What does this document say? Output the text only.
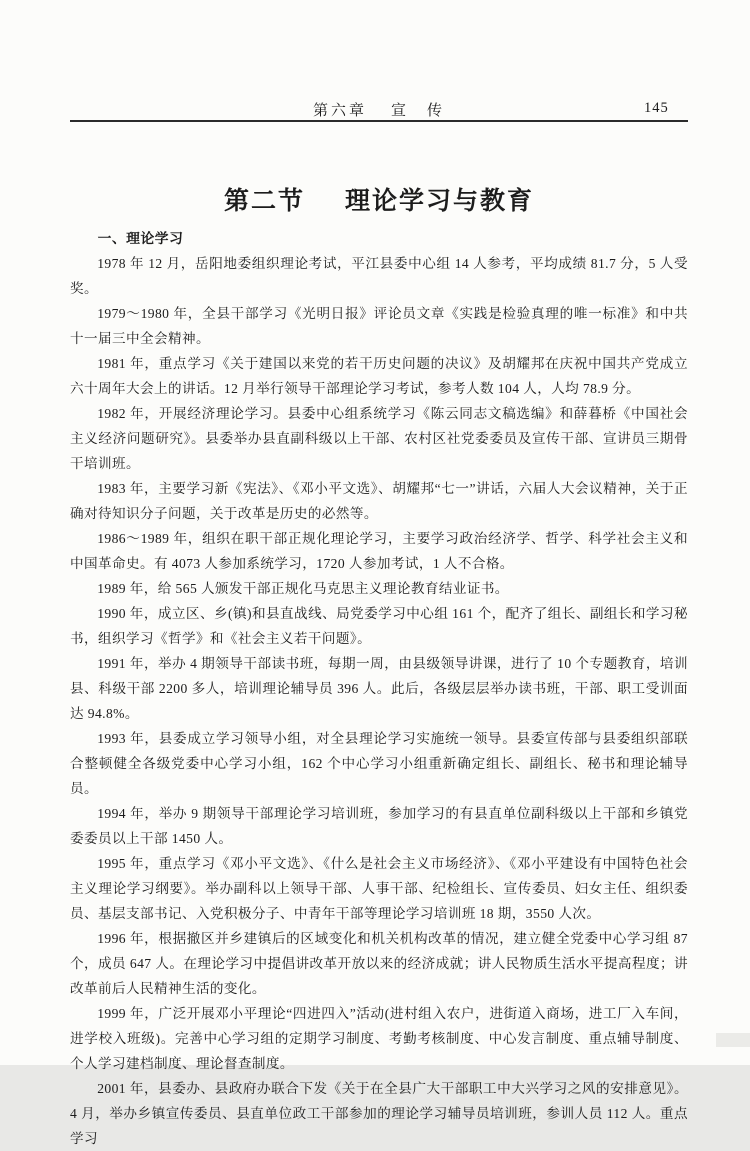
第六章 宣　传	145
第二节 理论学习与教育
一、理论学习

1978 年 12 月，岳阳地委组织理论考试，平江县委中心组 14 人参考，平均成绩 81.7 分，5 人受奖。

1979～1980 年，全县干部学习《光明日报》评论员文章《实践是检验真理的唯一标准》和中共十一届三中全会精神。

1981 年，重点学习《关于建国以来党的若干历史问题的决议》及胡耀邦在庆祝中国共产党成立六十周年大会上的讲话。12 月举行领导干部理论学习考试，参考人数 104 人，人均 78.9 分。

1982 年，开展经济理论学习。县委中心组系统学习《陈云同志文稿选编》和薛暮桥《中国社会主义经济问题研究》。县委举办县直副科级以上干部、农村区社党委委员及宣传干部、宣讲员三期骨干培训班。

1983 年，主要学习新《宪法》、《邓小平文选》、胡耀邦“七一”讲话，六届人大会议精神，关于正确对待知识分子问题，关于改革是历史的必然等。

1986～1989 年，组织在职干部正规化理论学习，主要学习政治经济学、哲学、科学社会主义和中国革命史。有 4073 人参加系统学习，1720 人参加考试，1 人不合格。

1989 年，给 565 人颁发干部正规化马克思主义理论教育结业证书。

1990 年，成立区、乡(镇)和县直战线、局党委学习中心组 161 个，配齐了组长、副组长和学习秘书，组织学习《哲学》和《社会主义若干问题》。

1991 年，举办 4 期领导干部读书班，每期一周，由县级领导讲课，进行了 10 个专题教育，培训县、科级干部 2200 多人，培训理论辅导员 396 人。此后，各级层层举办读书班，干部、职工受训面达 94.8%。

1993 年，县委成立学习领导小组，对全县理论学习实施统一领导。县委宣传部与县委组织部联合整顿健全各级党委中心学习小组，162 个中心学习小组重新确定组长、副组长、秘书和理论辅导员。

1994 年，举办 9 期领导干部理论学习培训班，参加学习的有县直单位副科级以上干部和乡镇党委委员以上干部 1450 人。

1995 年，重点学习《邓小平文选》、《什么是社会主义市场经济》、《邓小平建设有中国特色社会主义理论学习纲要》。举办副科以上领导干部、人事干部、纪检组长、宣传委员、妇女主任、组织委员、基层支部书记、入党积极分子、中青年干部等理论学习培训班 18 期，3550 人次。

1996 年，根据撤区并乡建镇后的区域变化和机关机构改革的情况，建立健全党委中心学习组 87 个，成员 647 人。在理论学习中提倡讲改革开放以来的经济成就；讲人民物质生活水平提高程度；讲改革前后人民精神生活的变化。

1999 年，广泛开展邓小平理论“四进四入”活动(进村组入农户，进街道入商场，进工厂入车间，进学校入班级)。完善中心学习组的定期学习制度、考勤考核制度、中心发言制度、重点辅导制度、个人学习建档制度、理论督查制度。

2001 年，县委办、县政府办联合下发《关于在全县广大干部职工中大兴学习之风的安排意见》。4 月，举办乡镇宣传委员、县直单位政工干部参加的理论学习辅导员培训班，参训人员 112 人。重点学习
